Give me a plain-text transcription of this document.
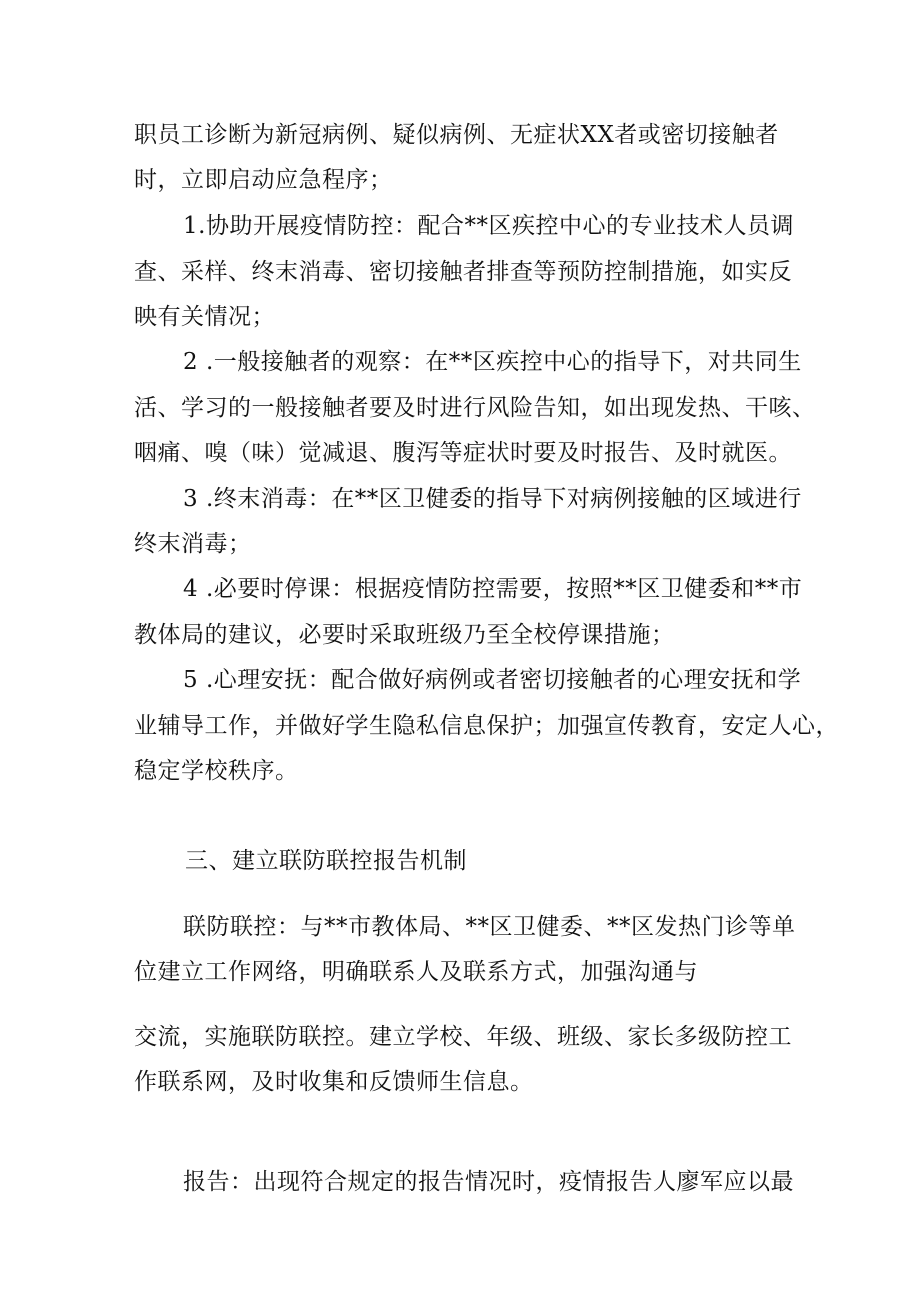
职员工诊断为新冠病例、疑似病例、无症状XX者或密切接触者
时，立即启动应急程序；
1.协助开展疫情防控：配合**区疾控中心的专业技术人员调
查、采样、终末消毒、密切接触者排查等预防控制措施，如实反
映有关情况；
2 .一般接触者的观察：在**区疾控中心的指导下，对共同生
活、学习的一般接触者要及时进行风险告知，如出现发热、干咳、
咽痛、嗅（味）觉减退、腹泻等症状时要及时报告、及时就医。
3 .终末消毒：在**区卫健委的指导下对病例接触的区域进行
终末消毒；
4 .必要时停课：根据疫情防控需要，按照**区卫健委和**市
教体局的建议，必要时采取班级乃至全校停课措施；
5 .心理安抚：配合做好病例或者密切接触者的心理安抚和学
业辅导工作，并做好学生隐私信息保护；加强宣传教育，安定人心，
稳定学校秩序。
三、建立联防联控报告机制
联防联控：与**市教体局、**区卫健委、**区发热门诊等单
位建立工作网络，明确联系人及联系方式，加强沟通与
交流，实施联防联控。建立学校、年级、班级、家长多级防控工
作联系网，及时收集和反馈师生信息。
报告：出现符合规定的报告情况时，疫情报告人廖军应以最
